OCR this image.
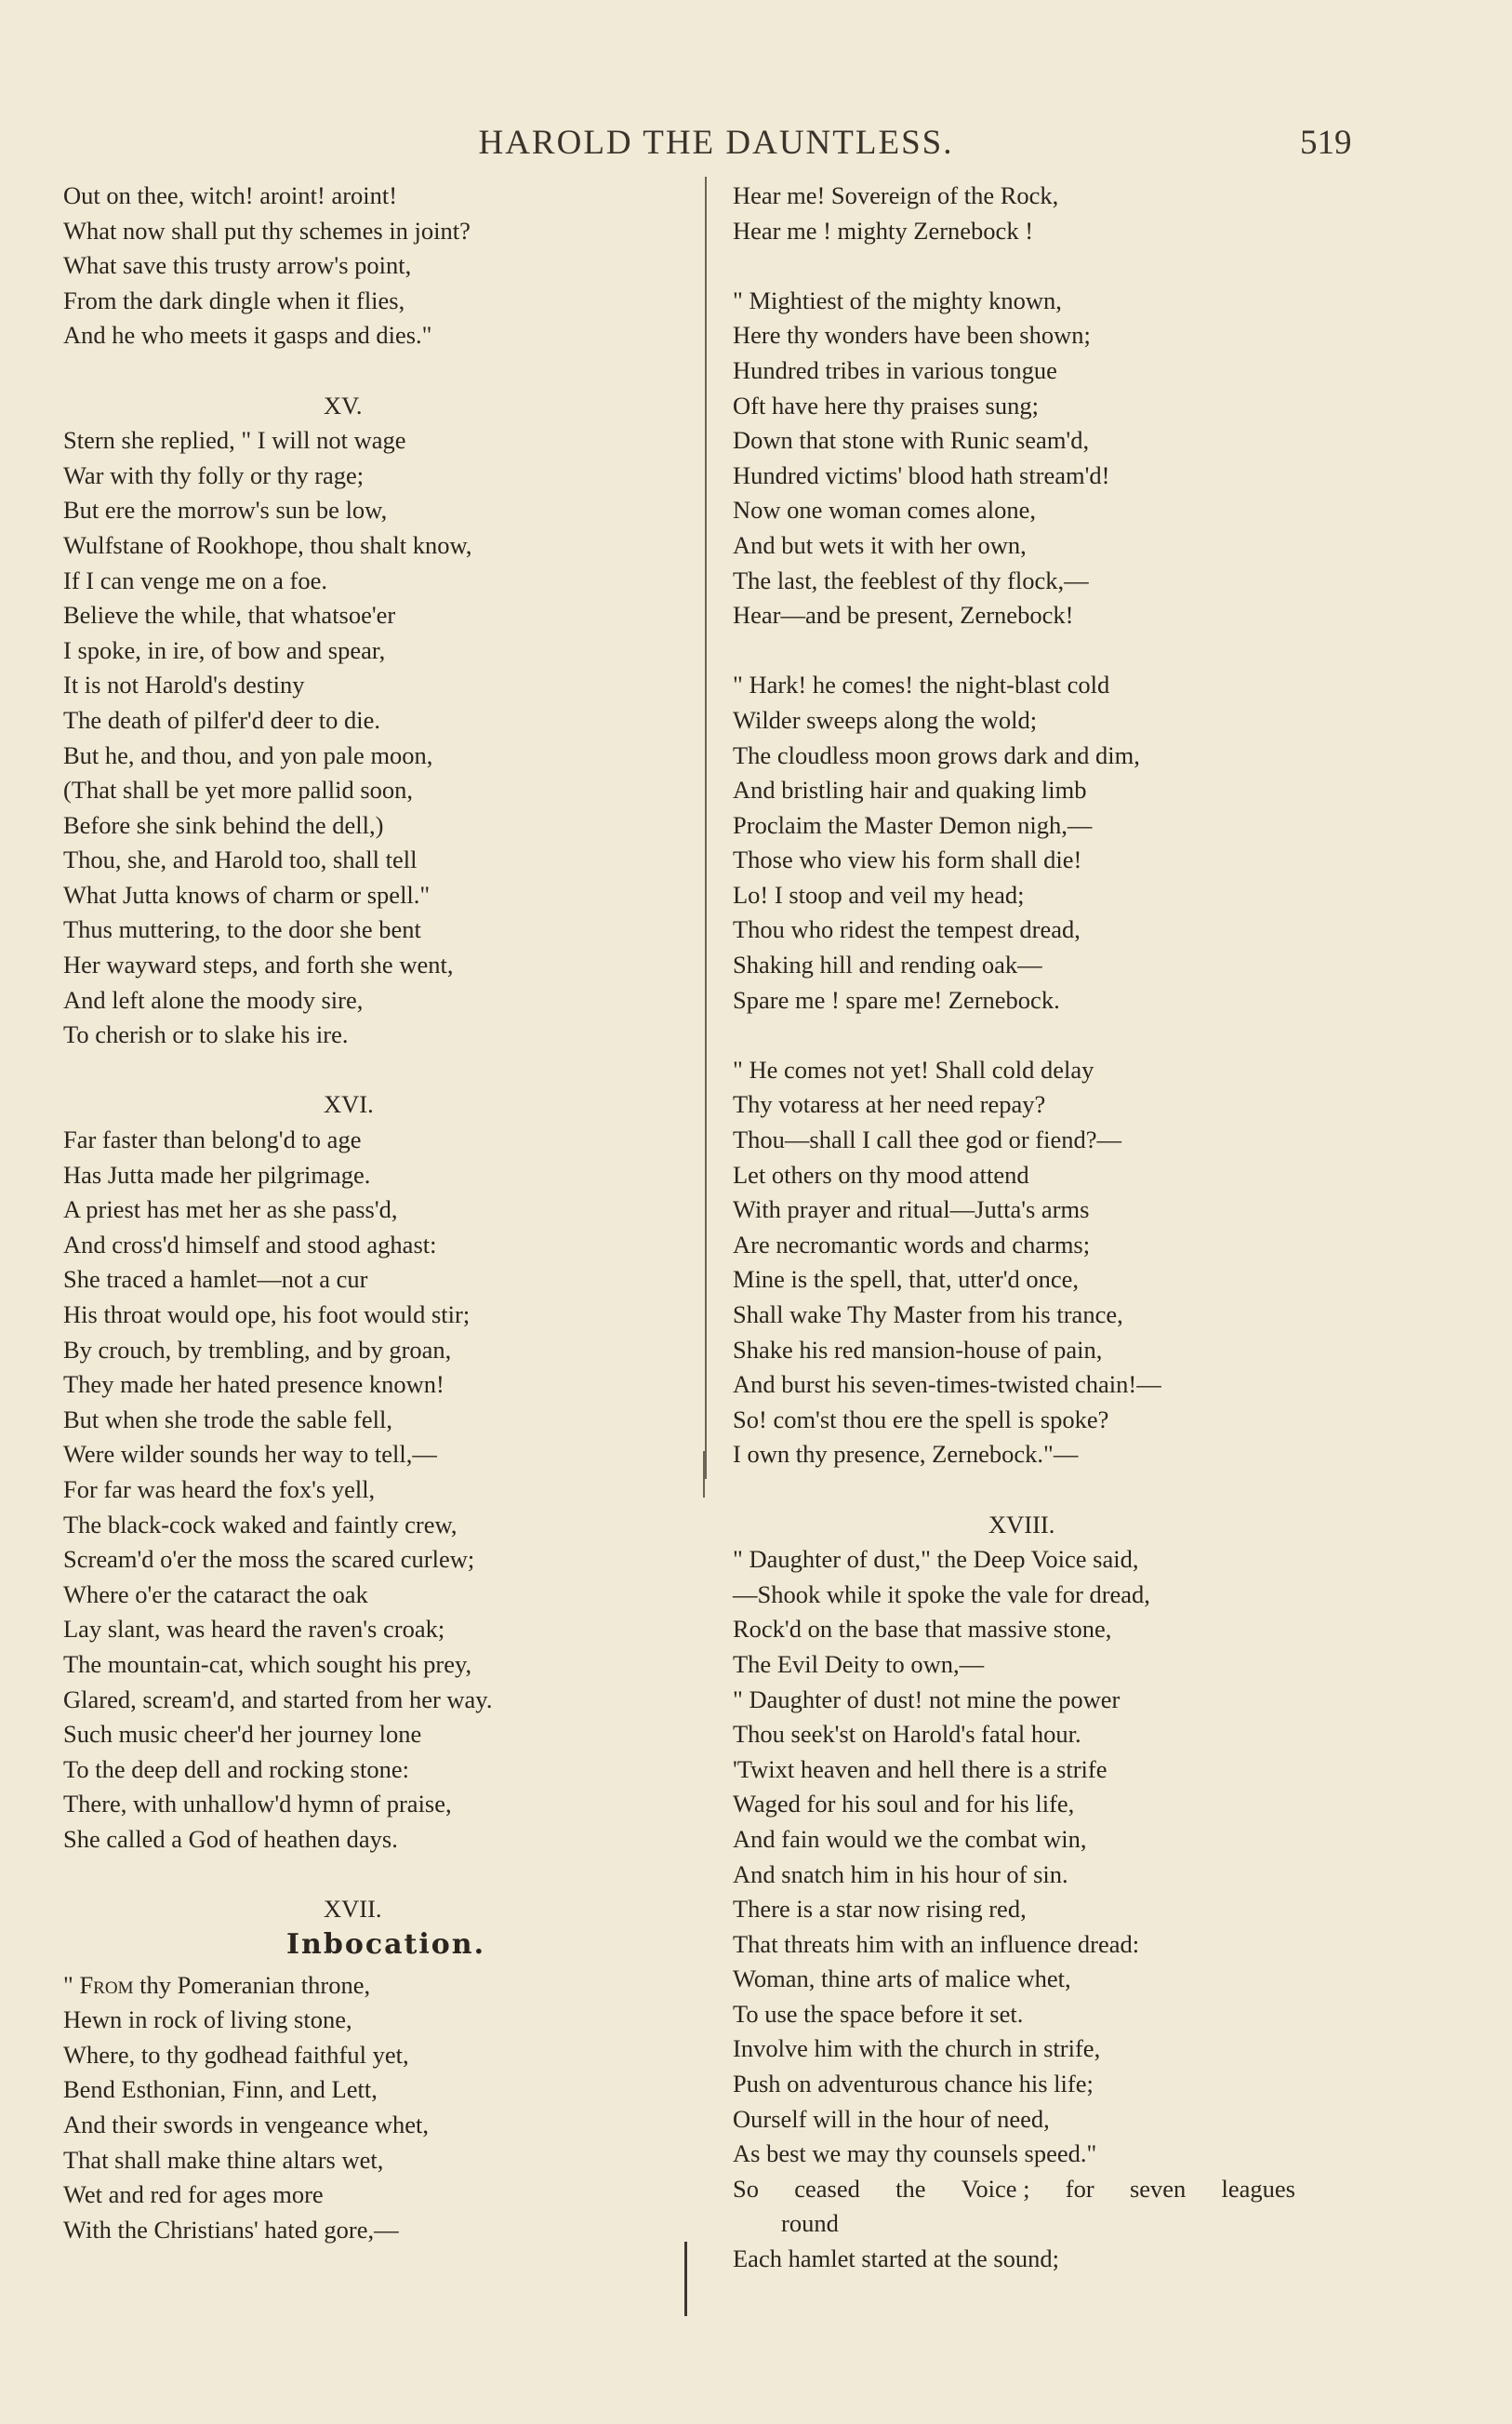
HAROLD THE DAUNTLESS.	519
Out on thee, witch! aroint! aroint!
What now shall put thy schemes in joint?
What save this trusty arrow's point,
From the dark dingle when it flies,
And he who meets it gasps and dies."
XV.
Stern she replied, " I will not wage
War with thy folly or thy rage;
But ere the morrow's sun be low,
Wulfstane of Rookhope, thou shalt know,
If I can venge me on a foe.
Believe the while, that whatsoe'er
I spoke, in ire, of bow and spear,
It is not Harold's destiny
The death of pilfer'd deer to die.
But he, and thou, and yon pale moon,
(That shall be yet more pallid soon,
Before she sink behind the dell,)
Thou, she, and Harold too, shall tell
What Jutta knows of charm or spell."
Thus muttering, to the door she bent
Her wayward steps, and forth she went,
And left alone the moody sire,
To cherish or to slake his ire.
XVI.
Far faster than belong'd to age
Has Jutta made her pilgrimage.
A priest has met her as she pass'd,
And cross'd himself and stood aghast:
She traced a hamlet—not a cur
His throat would ope, his foot would stir;
By crouch, by trembling, and by groan,
They made her hated presence known!
But when she trode the sable fell,
Were wilder sounds her way to tell,—
For far was heard the fox's yell,
The black-cock waked and faintly crew,
Scream'd o'er the moss the scared curlew;
Where o'er the cataract the oak
Lay slant, was heard the raven's croak;
The mountain-cat, which sought his prey,
Glared, scream'd, and started from her way.
Such music cheer'd her journey lone
To the deep dell and rocking stone:
There, with unhallow'd hymn of praise,
She called a God of heathen days.
XVII.
Inbocation.
" From thy Pomeranian throne,
Hewn in rock of living stone,
Where, to thy godhead faithful yet,
Bend Esthonian, Finn, and Lett,
And their swords in vengeance whet,
That shall make thine altars wet,
Wet and red for ages more
With the Christians' hated gore,—
Hear me! Sovereign of the Rock,
Hear me ! mighty Zernebock !
" Mightiest of the mighty known,
Here thy wonders have been shown;
Hundred tribes in various tongue
Oft have here thy praises sung;
Down that stone with Runic seam'd,
Hundred victims' blood hath stream'd!
Now one woman comes alone,
And but wets it with her own,
The last, the feeblest of thy flock,—
Hear—and be present, Zernebock!
" Hark! he comes! the night-blast cold
Wilder sweeps along the wold;
The cloudless moon grows dark and dim,
And bristling hair and quaking limb
Proclaim the Master Demon nigh,—
Those who view his form shall die!
Lo! I stoop and veil my head;
Thou who ridest the tempest dread,
Shaking hill and rending oak—
Spare me ! spare me! Zernebock.
" He comes not yet! Shall cold delay
Thy votaress at her need repay?
Thou—shall I call thee god or fiend?—
Let others on thy mood attend
With prayer and ritual—Jutta's arms
Are necromantic words and charms;
Mine is the spell, that, utter'd once,
Shall wake Thy Master from his trance,
Shake his red mansion-house of pain,
And burst his seven-times-twisted chain!—
So! com'st thou ere the spell is spoke?
I own thy presence, Zernebock."—
XVIII.
" Daughter of dust," the Deep Voice said,
—Shook while it spoke the vale for dread,
Rock'd on the base that massive stone,
The Evil Deity to own,—
" Daughter of dust! not mine the power
Thou seek'st on Harold's fatal hour.
'Twixt heaven and hell there is a strife
Waged for his soul and for his life,
And fain would we the combat win,
And snatch him in his hour of sin.
There is a star now rising red,
That threats him with an influence dread:
Woman, thine arts of malice whet,
To use the space before it set.
Involve him with the church in strife,
Push on adventurous chance his life;
Ourself will in the hour of need,
As best we may thy counsels speed."
So ceased the Voice ; for seven leagues
round
Each hamlet started at the sound;
